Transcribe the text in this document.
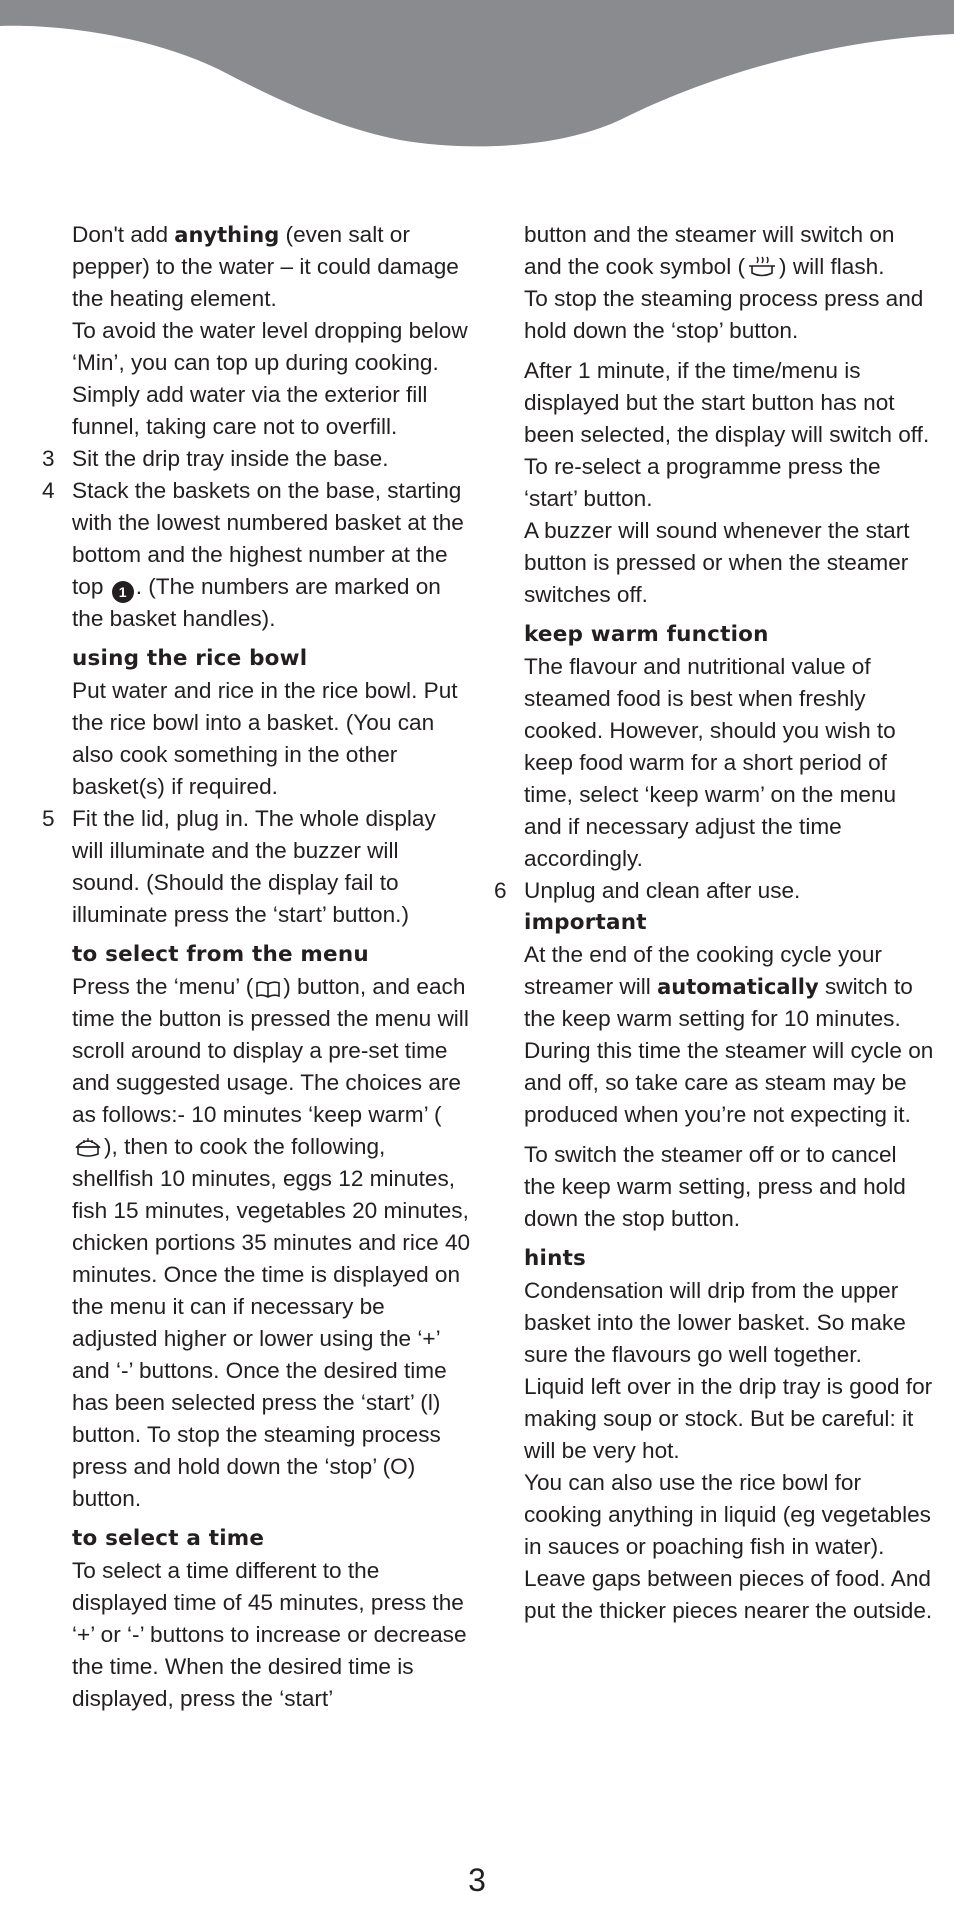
Don't add anything (even salt or pepper) to the water – it could damage the heating element.
To avoid the water level dropping below ‘Min’, you can top up during cooking. Simply add water via the exterior fill funnel, taking care not to overfill.
3 Sit the drip tray inside the base.
4 Stack the baskets on the base, starting with the lowest numbered basket at the bottom and the highest number at the top 1 . (The numbers are marked on the basket handles).
using the rice bowl
Put water and rice in the rice bowl. Put the rice bowl into a basket. (You can also cook something in the other basket(s) if required.
5 Fit the lid, plug in. The whole display will illuminate and the buzzer will sound. (Should the display fail to illuminate press the ‘start’ button.)
to select from the menu
Press the ‘menu’ ( ) button, and each time the button is pressed the menu will scroll around to display a pre-set time and suggested usage. The choices are as follows:- 10 minutes ‘keep warm’ (), then to cook the following, shellfish 10 minutes, eggs 12 minutes, fish 15 minutes, vegetables 20 minutes, chicken portions 35 minutes and rice 40 minutes. Once the time is displayed on the menu it can if necessary be adjusted higher or lower using the ‘+’ and ‘-’ buttons. Once the desired time has been selected press the ‘start’ (l) button. To stop the steaming process press and hold down the ‘stop’ (O) button.
to select a time
To select a time different to the displayed time of 45 minutes, press the ‘+’ or ‘-’ buttons to increase or decrease the time. When the desired time is displayed, press the ‘start’
button and the steamer will switch on and the cook symbol ( ) will flash.
To stop the steaming process press and hold down the ‘stop’ button.
After 1 minute, if the time/menu is displayed but the start button has not been selected, the display will switch off. To re-select a programme press the ‘start’ button.
A buzzer will sound whenever the start button is pressed or when the steamer switches off.
keep warm function
The flavour and nutritional value of steamed food is best when freshly cooked. However, should you wish to keep food warm for a short period of time, select ‘keep warm’ on the menu and if necessary adjust the time accordingly.
6 Unplug and clean after use.
important
At the end of the cooking cycle your streamer will automatically switch to the keep warm setting for 10 minutes. During this time the steamer will cycle on and off, so take care as steam may be produced when you’re not expecting it.
To switch the steamer off or to cancel the keep warm setting, press and hold down the stop button.
hints
Condensation will drip from the upper basket into the lower basket. So make sure the flavours go well together.
Liquid left over in the drip tray is good for making soup or stock. But be careful: it will be very hot.
You can also use the rice bowl for cooking anything in liquid (eg vegetables in sauces or poaching fish in water).
Leave gaps between pieces of food. And put the thicker pieces nearer the outside.
3
